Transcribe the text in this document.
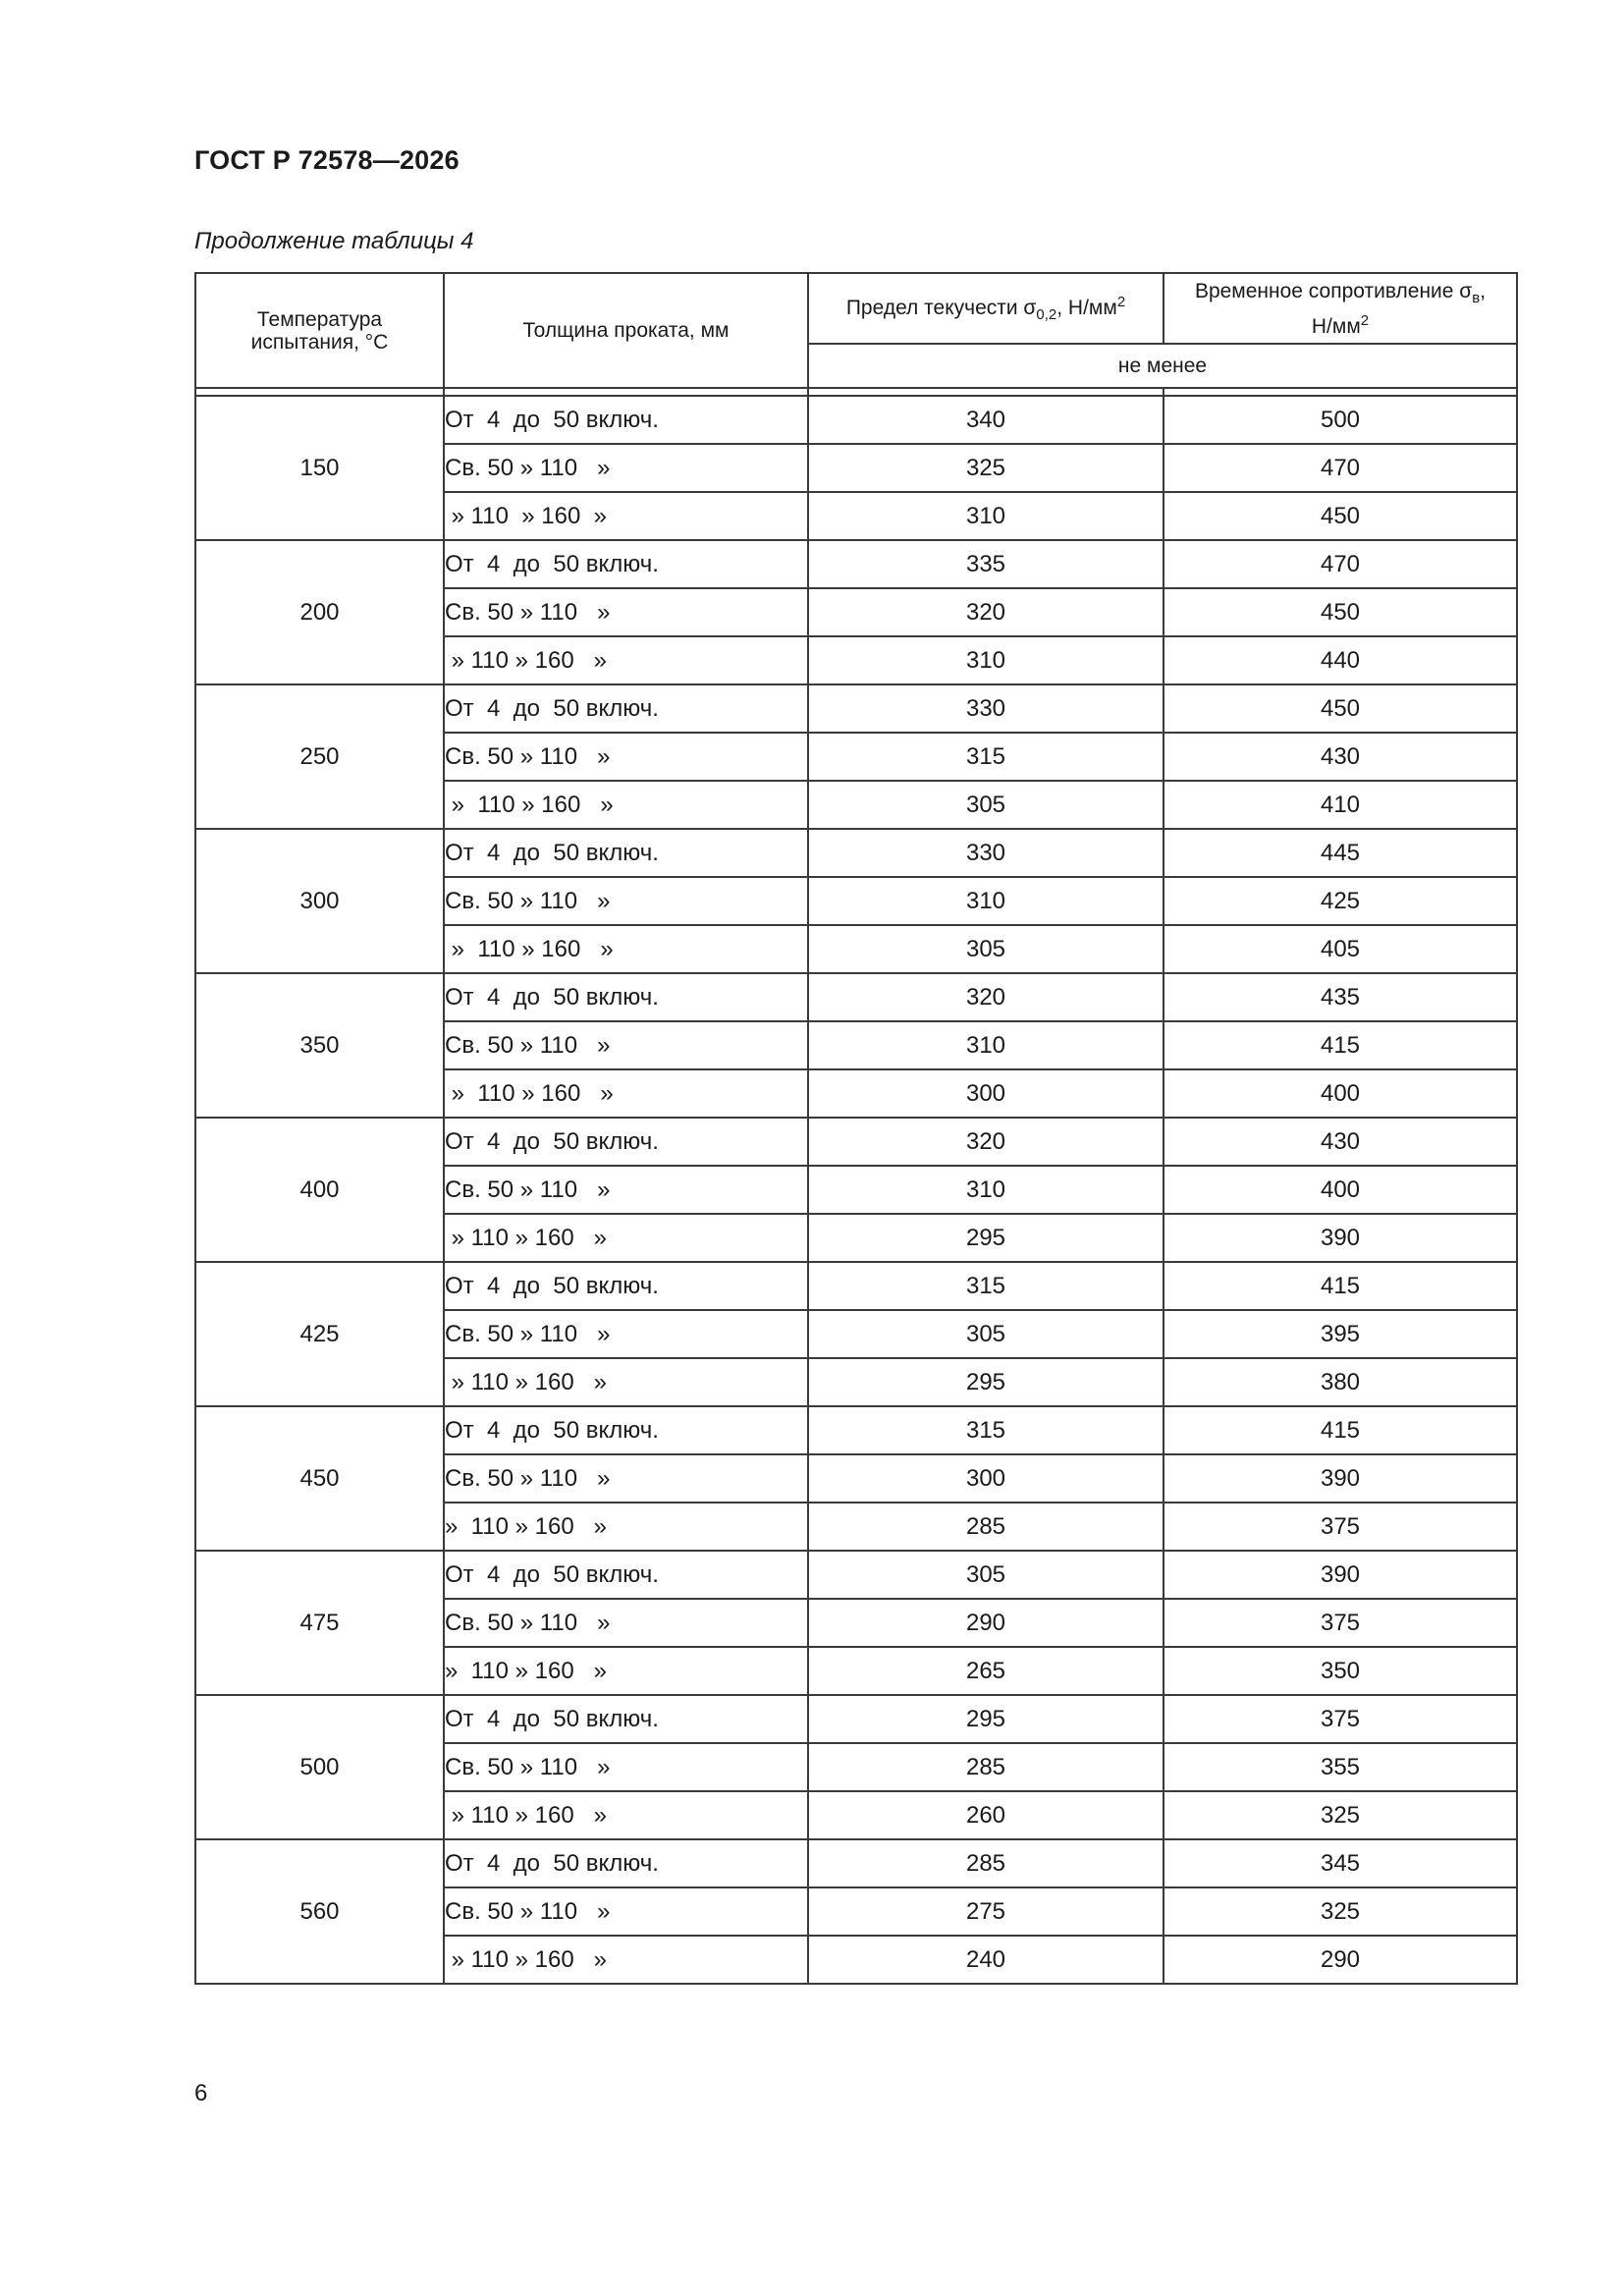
ГОСТ Р 72578—2026
Продолжение таблицы 4
Температура испытания, °С	Толщина проката, мм	Предел текучести $\sigma_{0,2}$, $Н/мм^2$	Временное сопротивление $\sigma_в$,
$Н/мм^2$
		не менее	

150	От  4  до  50 включ.	340	500
	Св. 50 » 110   »	325	470
	» 110  » 160  »	310	450
200	От  4  до  50 включ.	335	470
	Св. 50 » 110   »	320	450
	» 110 » 160   »	310	440
250	От  4  до  50 включ.	330	450
	Св. 50 » 110   »	315	430
	»  110 » 160   »	305	410
300	От  4  до  50 включ.	330	445
	Св. 50 » 110   »	310	425
	»  110 » 160   »	305	405
350	От  4  до  50 включ.	320	435
	Св. 50 » 110   »	310	415
	»  110 » 160   »	300	400
400	От  4  до  50 включ.	320	430
	Св. 50 » 110   »	310	400
	» 110 » 160   »	295	390
425	От  4  до  50 включ.	315	415
	Св. 50 » 110   »	305	395
	» 110 » 160   »	295	380
450	От  4  до  50 включ.	315	415
	Св. 50 » 110   »	300	390
	»  110 » 160   »	285	375
475	От  4  до  50 включ.	305	390
	Св. 50 » 110   »	290	375
	»  110 » 160   »	265	350
500	От  4  до  50 включ.	295	375
	Св. 50 » 110   »	285	355
	» 110 » 160   »	260	325
560	От  4  до  50 включ.	285	345
	Св. 50 » 110   »	275	325
	» 110 » 160   »	240	290
6
